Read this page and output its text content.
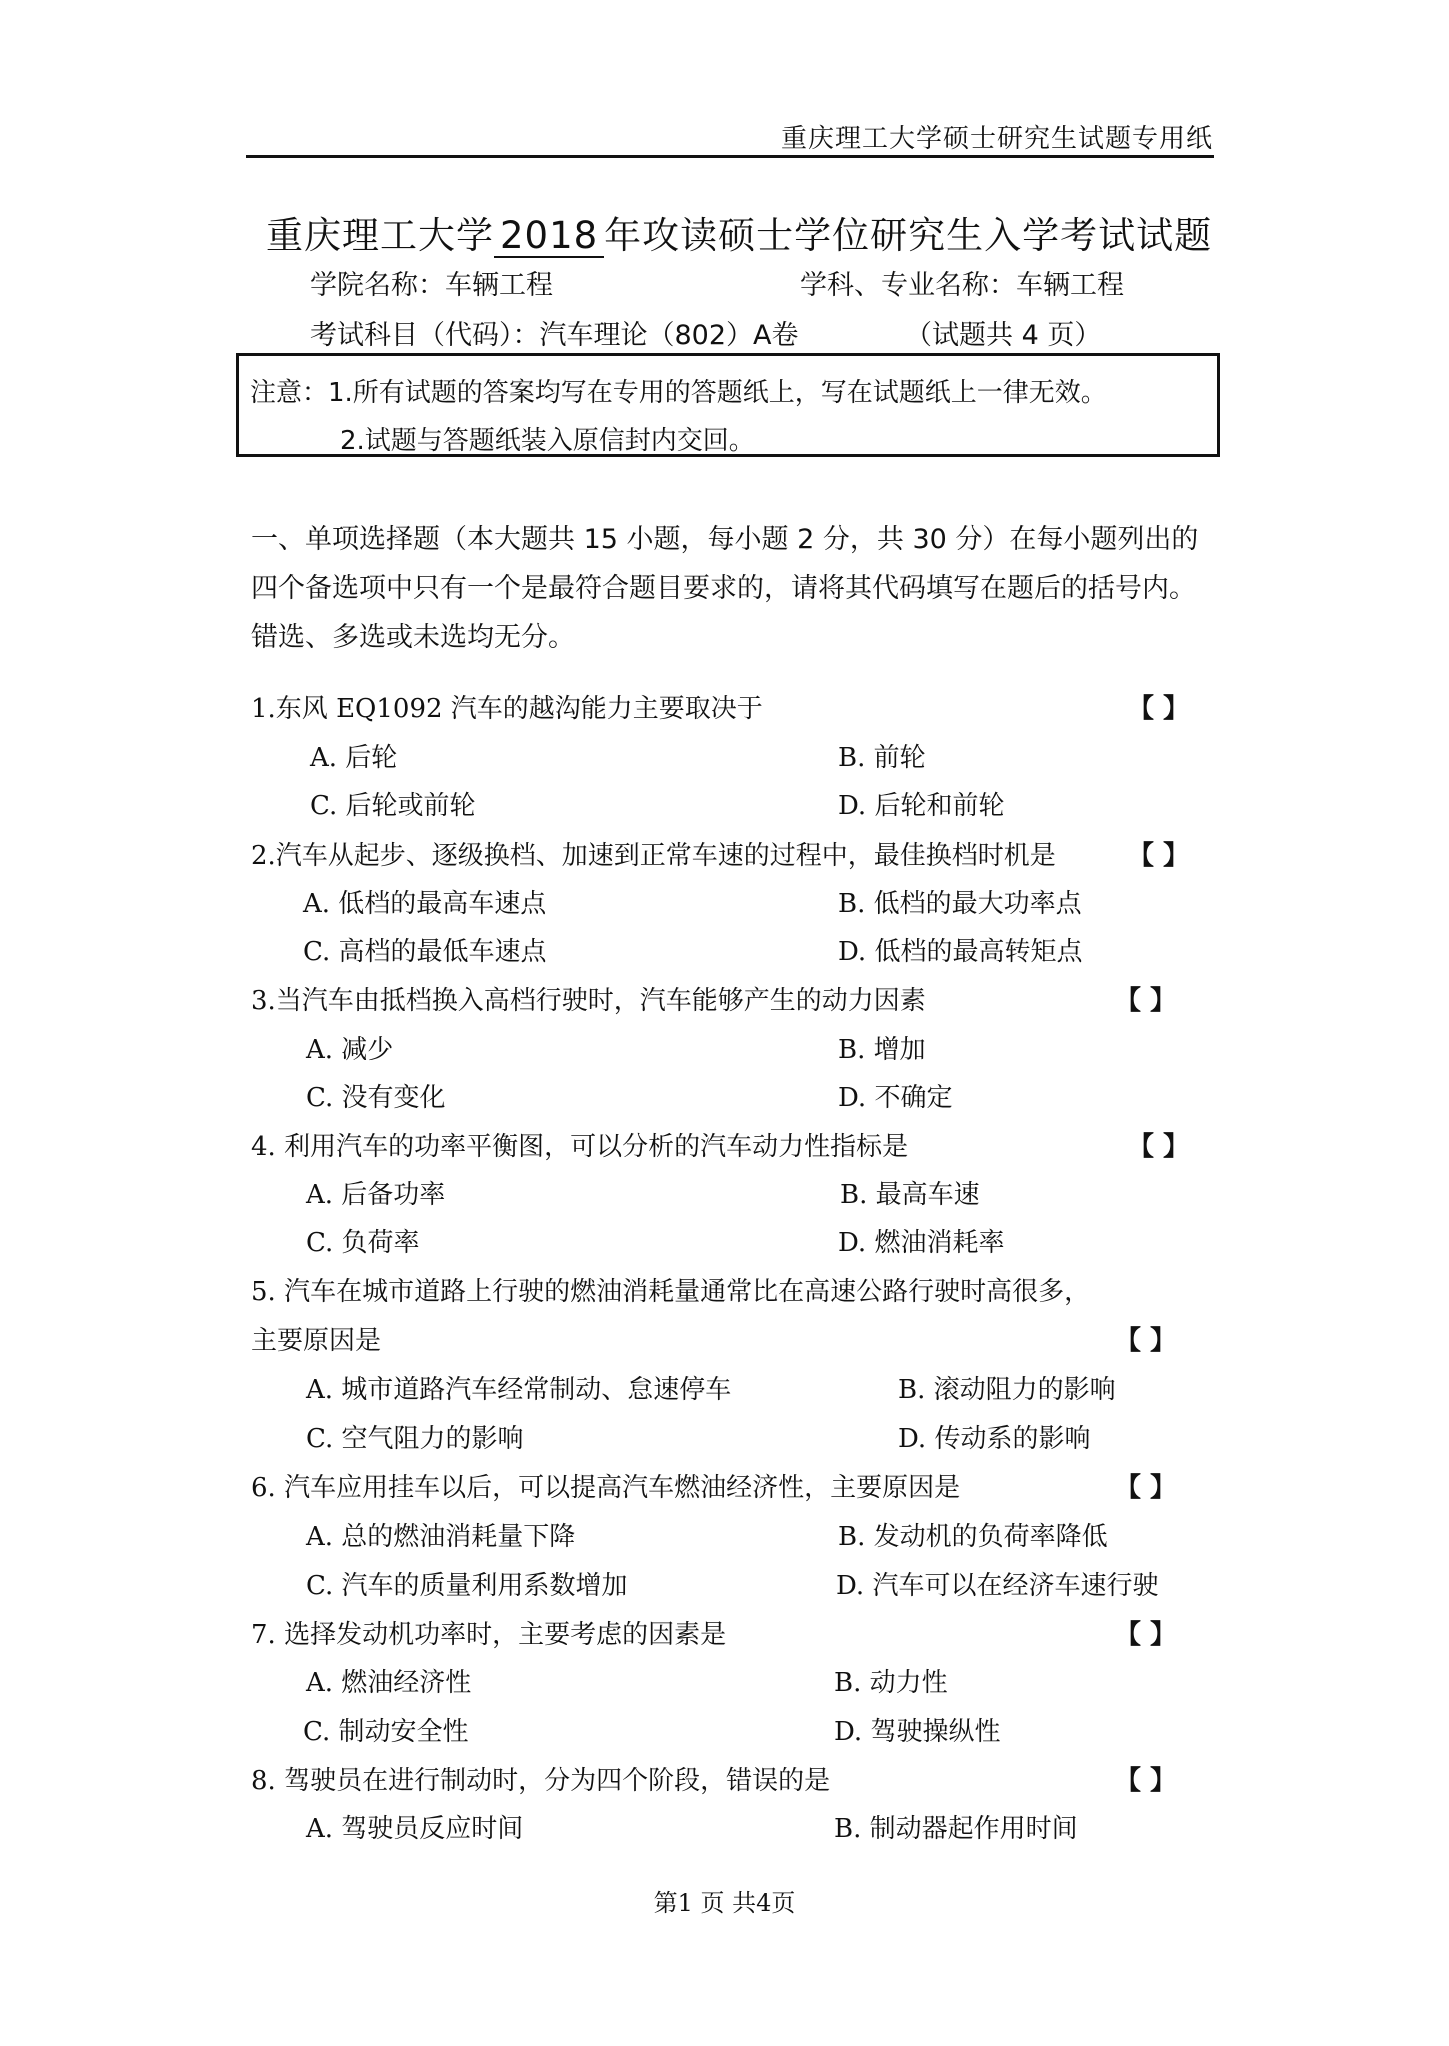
重庆理工大学硕士研究生试题专用纸
重庆理工大学 2018 年攻读硕士学位研究生入学考试试题
学院名称：车辆工程	学科、专业名称：车辆工程
考试科目（代码）：汽车理论（802）A卷	（试题共 4 页）
注意：1.所有试题的答案均写在专用的答题纸上，写在试题纸上一律无效。
2.试题与答题纸装入原信封内交回。
一、单项选择题（本大题共 15 小题，每小题 2 分，共 30 分）在每小题列出的四个备选项中只有一个是最符合题目要求的，请将其代码填写在题后的括号内。错选、多选或未选均无分。
1.东风 EQ1092 汽车的越沟能力主要取决于	【 】
A. 后轮	B. 前轮
C. 后轮或前轮	D. 后轮和前轮
2.汽车从起步、逐级换档、加速到正常车速的过程中，最佳换档时机是	【 】
A. 低档的最高车速点	B. 低档的最大功率点
C. 高档的最低车速点	D. 低档的最高转矩点
3.当汽车由抵档换入高档行驶时，汽车能够产生的动力因素	【 】
A. 减少	B. 增加
C. 没有变化	D. 不确定
4. 利用汽车的功率平衡图，可以分析的汽车动力性指标是	【 】
A. 后备功率	B. 最高车速
C. 负荷率	D. 燃油消耗率
5. 汽车在城市道路上行驶的燃油消耗量通常比在高速公路行驶时高很多，
主要原因是	【 】
A. 城市道路汽车经常制动、怠速停车	B. 滚动阻力的影响
C. 空气阻力的影响	D. 传动系的影响
6. 汽车应用挂车以后，可以提高汽车燃油经济性，主要原因是	【 】
A. 总的燃油消耗量下降	B. 发动机的负荷率降低
C. 汽车的质量利用系数增加	D. 汽车可以在经济车速行驶
7. 选择发动机功率时，主要考虑的因素是	【 】
A. 燃油经济性	B. 动力性
C. 制动安全性	D. 驾驶操纵性
8. 驾驶员在进行制动时，分为四个阶段，错误的是	【 】
A. 驾驶员反应时间	B. 制动器起作用时间
第1 页 共4页
